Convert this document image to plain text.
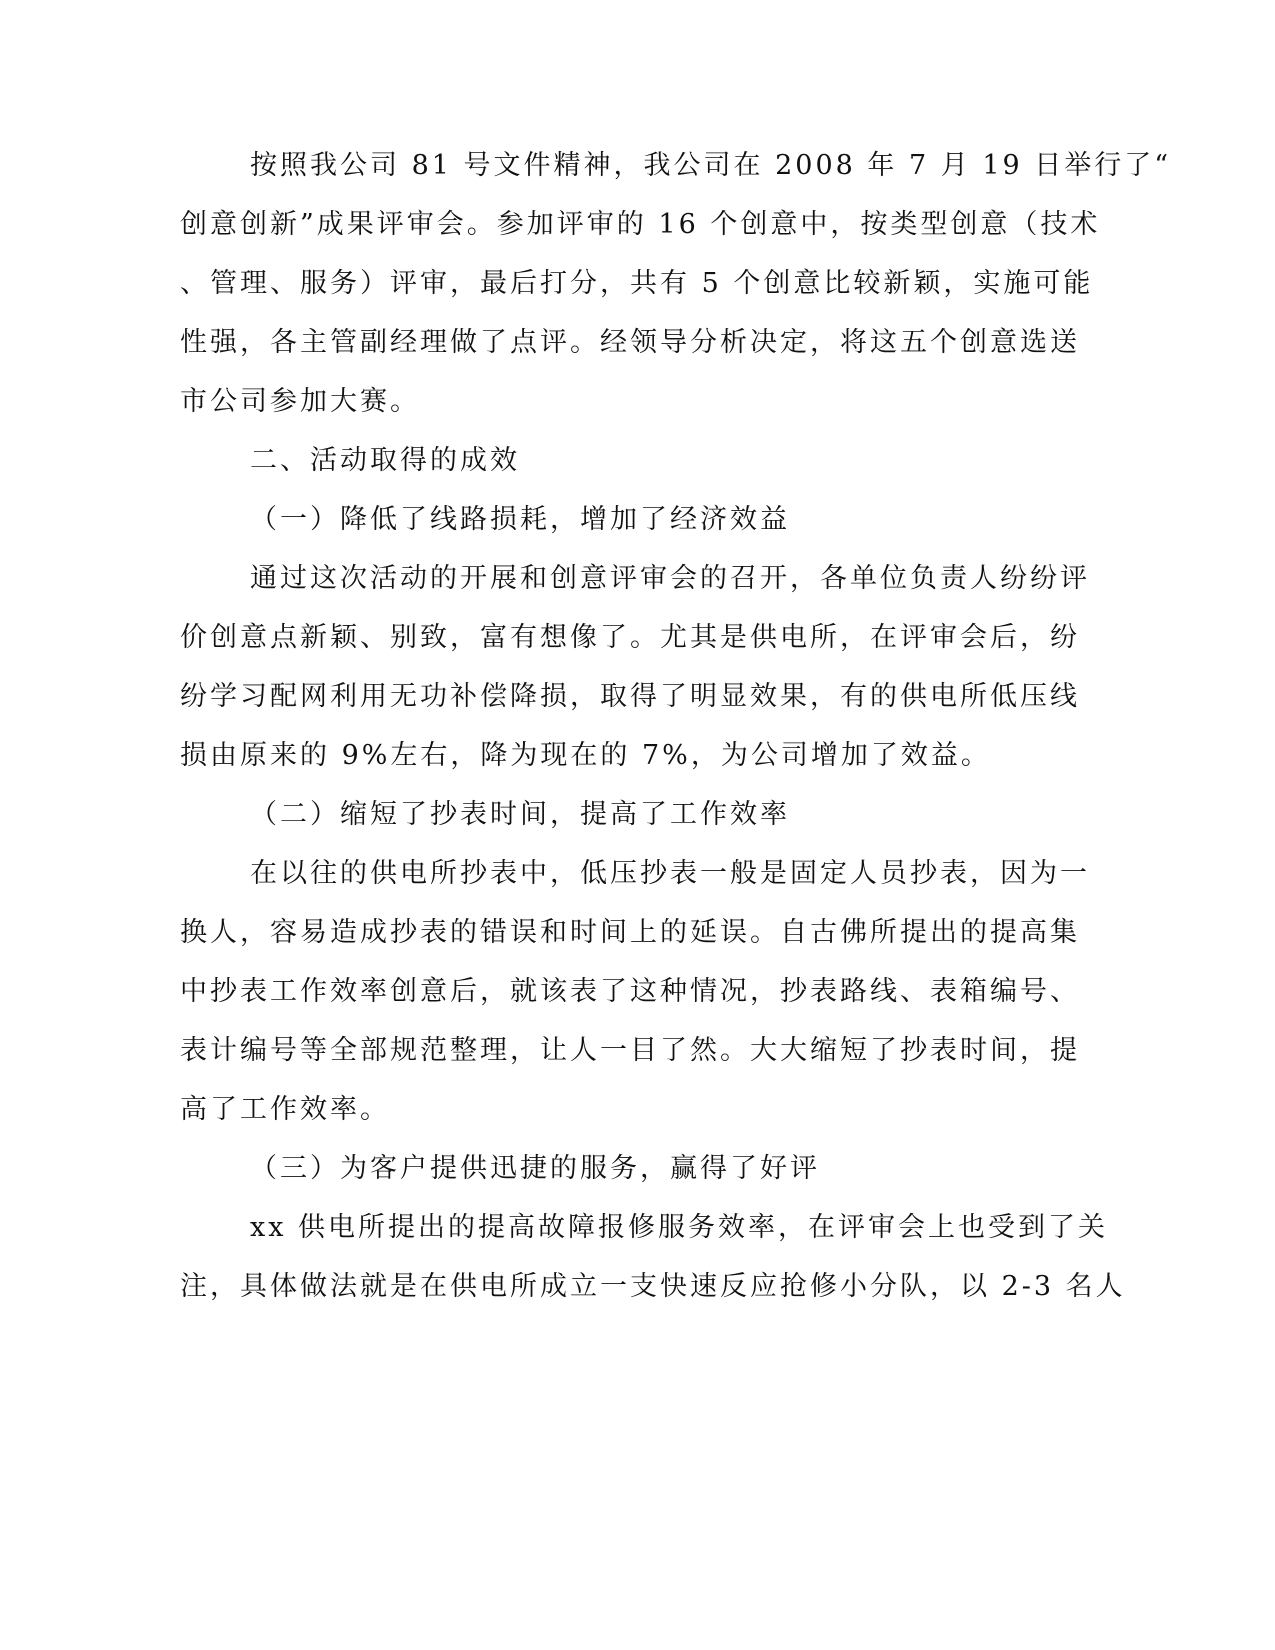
按照我公司 81 号文件精神，我公司在 2008 年 7 月 19 日举行了“
创意创新”成果评审会。参加评审的 16 个创意中，按类型创意（技术
、管理、服务）评审，最后打分，共有 5 个创意比较新颖，实施可能
性强，各主管副经理做了点评。经领导分析决定，将这五个创意选送
市公司参加大赛。
二、活动取得的成效
（一）降低了线路损耗，增加了经济效益
通过这次活动的开展和创意评审会的召开，各单位负责人纷纷评
价创意点新颖、别致，富有想像了。尤其是供电所，在评审会后，纷
纷学习配网利用无功补偿降损，取得了明显效果，有的供电所低压线
损由原来的 9%左右，降为现在的 7%，为公司增加了效益。
（二）缩短了抄表时间，提高了工作效率
在以往的供电所抄表中，低压抄表一般是固定人员抄表，因为一
换人，容易造成抄表的错误和时间上的延误。自古佛所提出的提高集
中抄表工作效率创意后，就该表了这种情况，抄表路线、表箱编号、
表计编号等全部规范整理，让人一目了然。大大缩短了抄表时间，提
高了工作效率。
（三）为客户提供迅捷的服务，赢得了好评
xx 供电所提出的提高故障报修服务效率，在评审会上也受到了关
注，具体做法就是在供电所成立一支快速反应抢修小分队，以 2-3 名人
